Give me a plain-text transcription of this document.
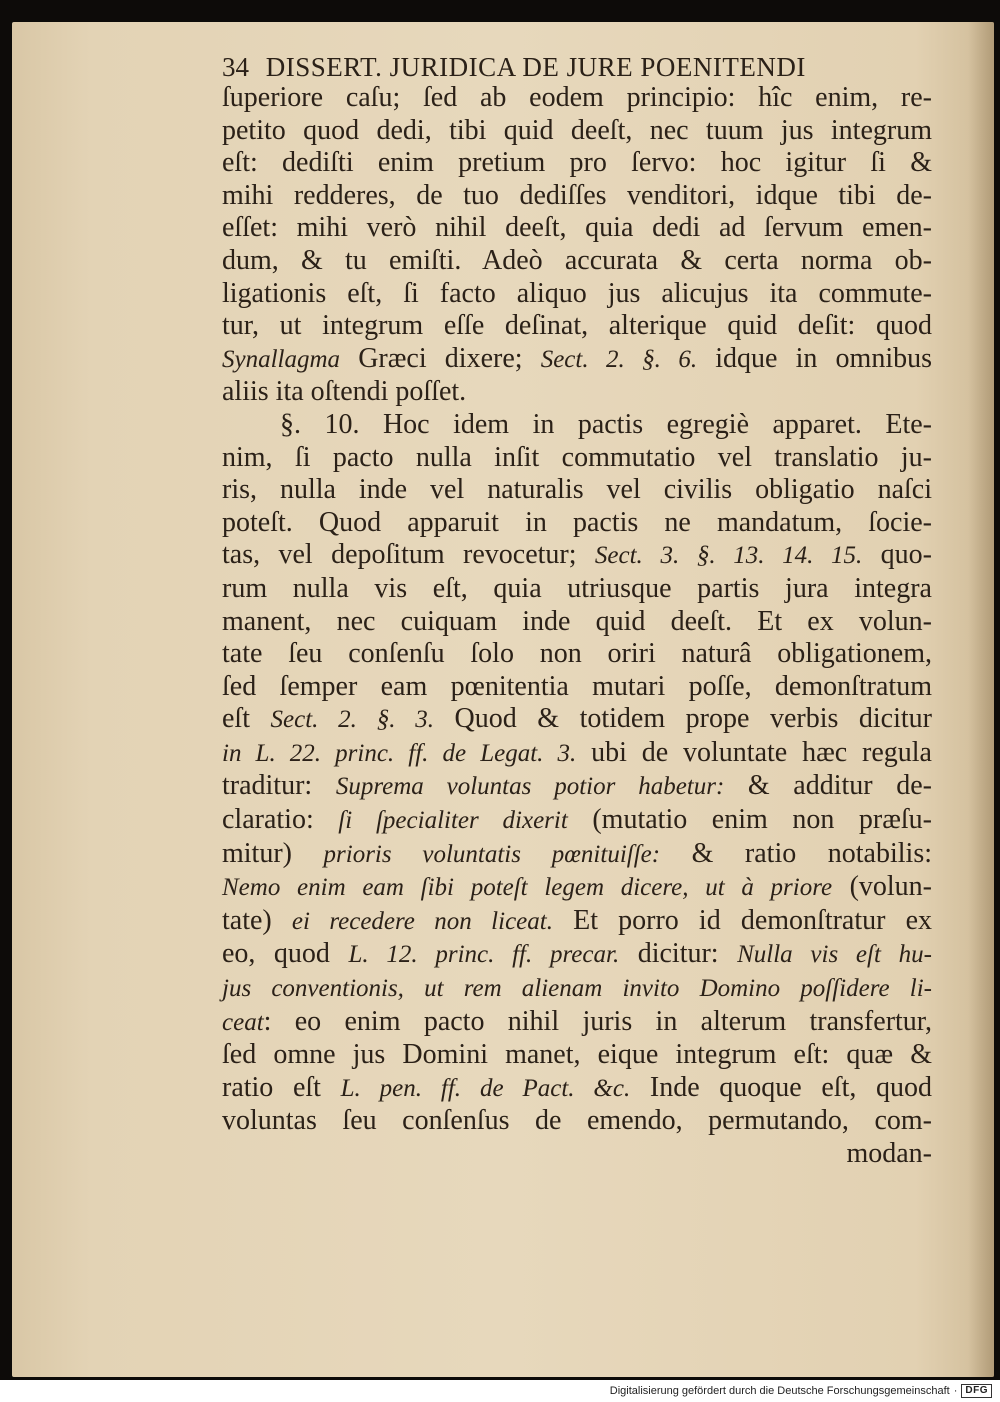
34 DISSERT. JURIDICA DE JURE POENITENDI
ſuperiore caſu; ſed ab eodem principio: hîc enim, re-
petito quod dedi, tibi quid deeſt, nec tuum jus integrum
eſt: dediſti enim pretium pro ſervo: hoc igitur ſi &
mihi redderes, de tuo dediſſes venditori, idque tibi de-
eſſet: mihi verò nihil deeſt, quia dedi ad ſervum emen-
dum, & tu emiſti. Adeò accurata & certa norma ob-
ligationis eſt, ſi facto aliquo jus alicujus ita commute-
tur, ut integrum eſſe deſinat, alterique quid deſit: quod
Synallagma Græci dixere; Sect. 2. §. 6. idque in omnibus
aliis ita oſtendi poſſet.
§. 10. Hoc idem in pactis egregiè apparet. Ete-
nim, ſi pacto nulla inſit commutatio vel translatio ju-
ris, nulla inde vel naturalis vel civilis obligatio naſci
poteſt. Quod apparuit in pactis ne mandatum, ſocie-
tas, vel depoſitum revocetur; Sect. 3. §. 13. 14. 15. quo-
rum nulla vis eſt, quia utriusque partis jura integra
manent, nec cuiquam inde quid deeſt. Et ex volun-
tate ſeu conſenſu ſolo non oriri naturâ obligationem,
ſed ſemper eam pœnitentia mutari poſſe, demonſtratum
eſt Sect. 2. §. 3. Quod & totidem prope verbis dicitur
in L. 22. princ. ff. de Legat. 3. ubi de voluntate hæc regula
traditur: Suprema voluntas potior habetur: & additur de-
claratio: ſi ſpecialiter dixerit (mutatio enim non præſu-
mitur) prioris voluntatis pœnituiſſe: & ratio notabilis:
Nemo enim eam ſibi poteſt legem dicere, ut à priore (volun-
tate) ei recedere non liceat. Et porro id demonſtratur ex
eo, quod L. 12. princ. ff. precar. dicitur: Nulla vis eſt hu-
jus conventionis, ut rem alienam invito Domino poſſidere li-
ceat: eo enim pacto nihil juris in alterum transfertur,
ſed omne jus Domini manet, eique integrum eſt: quæ &
ratio eſt L. pen. ff. de Pact. &c. Inde quoque eſt, quod
voluntas ſeu conſenſus de emendo, permutando, com-
modan-
Digitalisierung gefördert durch die Deutsche Forschungsgemeinschaft · DFG
